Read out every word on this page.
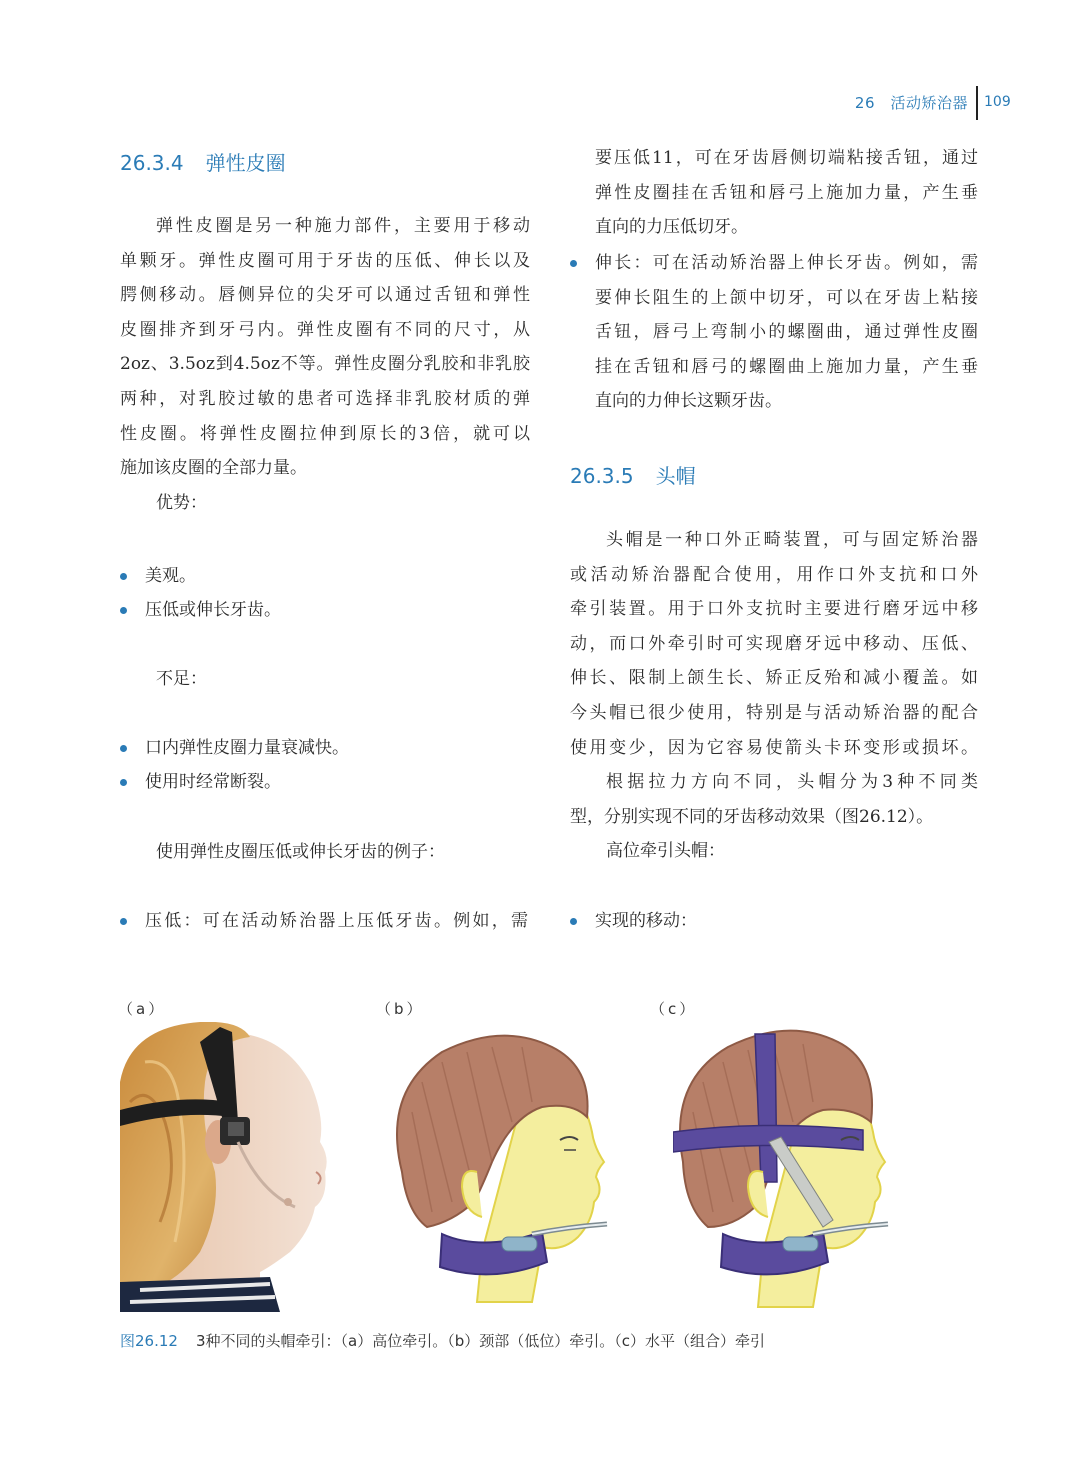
26　活动矫治器 109
26.3.4 弹性皮圈
弹性皮圈是另一种施力部件，主要用于移动
单颗牙。弹性皮圈可用于牙齿的压低、伸长以及
腭侧移动。唇侧异位的尖牙可以通过舌钮和弹性
皮圈排齐到牙弓内。弹性皮圈有不同的尺寸，从
2oz、3.5oz到4.5oz不等。弹性皮圈分乳胶和非乳胶
两种，对乳胶过敏的患者可选择非乳胶材质的弹
性皮圈。将弹性皮圈拉伸到原长的3倍，就可以
施加该皮圈的全部力量。
优势：
美观。
压低或伸长牙齿。
不足：
口内弹性皮圈力量衰减快。
使用时经常断裂。
使用弹性皮圈压低或伸长牙齿的例子：
压低：可在活动矫治器上压低牙齿。例如，需
要压低11，可在牙齿唇侧切端粘接舌钮，通过
弹性皮圈挂在舌钮和唇弓上施加力量，产生垂
直向的力压低切牙。
伸长：可在活动矫治器上伸长牙齿。例如，需
要伸长阻生的上颌中切牙，可以在牙齿上粘接
舌钮，唇弓上弯制小的螺圈曲，通过弹性皮圈
挂在舌钮和唇弓的螺圈曲上施加力量，产生垂
直向的力伸长这颗牙齿。
26.3.5 头帽
头帽是一种口外正畸装置，可与固定矫治器
或活动矫治器配合使用，用作口外支抗和口外
牵引装置。用于口外支抗时主要进行磨牙远中移
动，而口外牵引时可实现磨牙远中移动、压低、
伸长、限制上颌生长、矫正反殆和减小覆盖。如
今头帽已很少使用，特别是与活动矫治器的配合
使用变少，因为它容易使箭头卡环变形或损坏。
根据拉力方向不同，头帽分为3种不同类
型，分别实现不同的牙齿移动效果（图26.12）。
高位牵引头帽：
实现的移动：
（a）	（b）	（c）
图26.12 3种不同的头帽牵引：（a）高位牵引。（b）颈部（低位）牵引。（c）水平（组合）牵引
